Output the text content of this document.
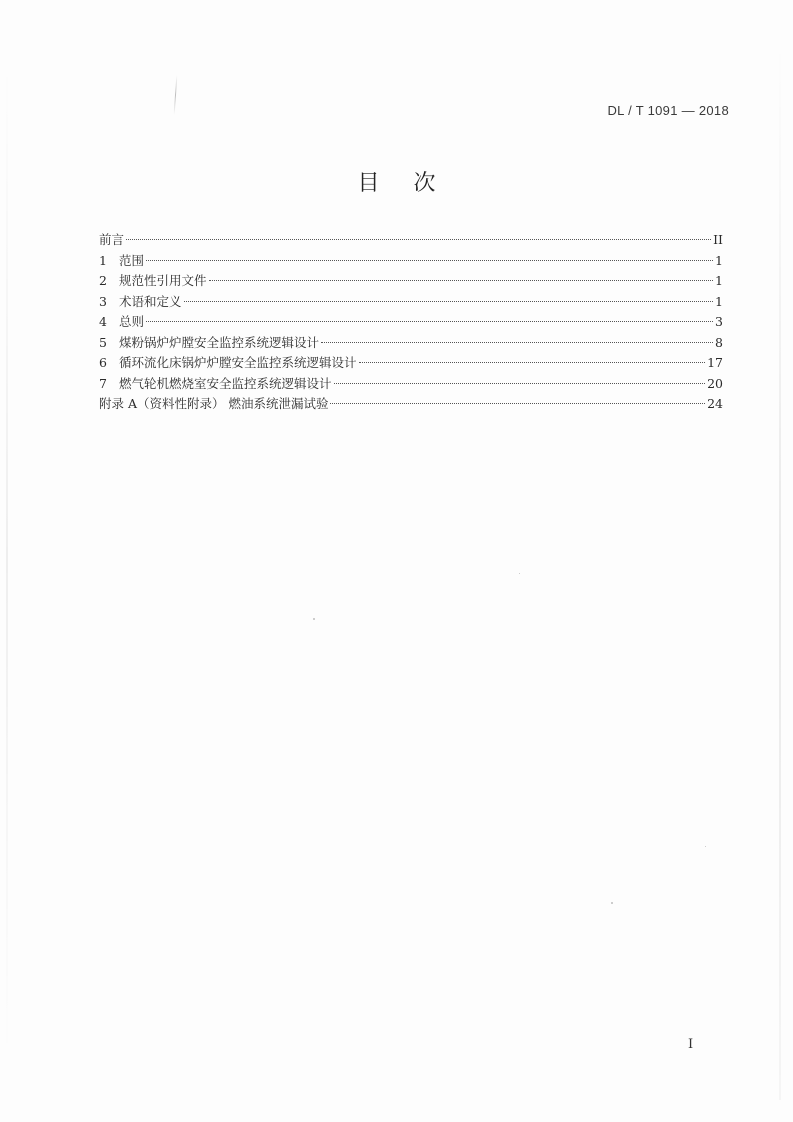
DL / T 1091 — 2018
目次
前言	II
1 范围	1
2 规范性引用文件	1
3 术语和定义	1
4 总则	3
5 煤粉锅炉炉膛安全监控系统逻辑设计	8
6 循环流化床锅炉炉膛安全监控系统逻辑设计	17
7 燃气轮机燃烧室安全监控系统逻辑设计	20
附录 A（资料性附录） 燃油系统泄漏试验	24
I
